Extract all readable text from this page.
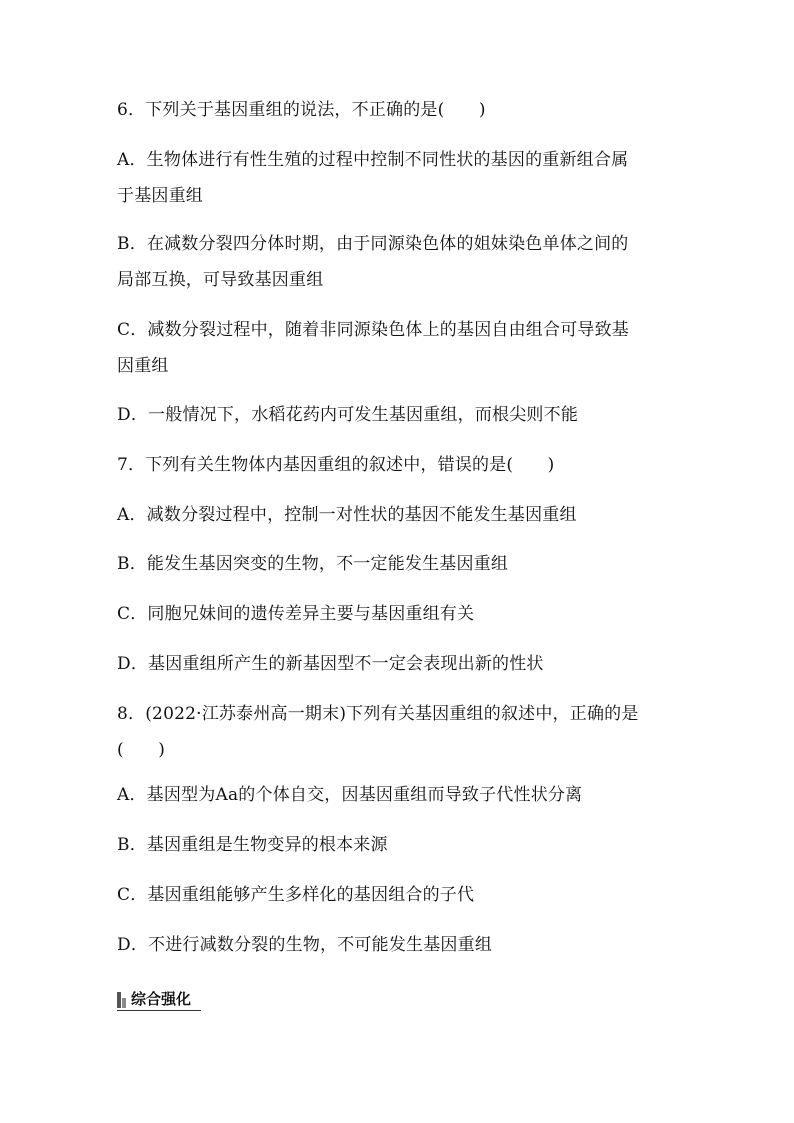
6．下列关于基因重组的说法，不正确的是(　　)
A．生物体进行有性生殖的过程中控制不同性状的基因的重新组合属
于基因重组
B．在减数分裂四分体时期，由于同源染色体的姐妹染色单体之间的
局部互换，可导致基因重组
C．减数分裂过程中，随着非同源染色体上的基因自由组合可导致基
因重组
D．一般情况下，水稻花药内可发生基因重组，而根尖则不能
7．下列有关生物体内基因重组的叙述中，错误的是(　　)
A．减数分裂过程中，控制一对性状的基因不能发生基因重组
B．能发生基因突变的生物，不一定能发生基因重组
C．同胞兄妹间的遗传差异主要与基因重组有关
D．基因重组所产生的新基因型不一定会表现出新的性状
8．(2022·江苏泰州高一期末)下列有关基因重组的叙述中，正确的是
(　　)
A．基因型为Aa的个体自交，因基因重组而导致子代性状分离
B．基因重组是生物变异的根本来源
C．基因重组能够产生多样化的基因组合的子代
D．不进行减数分裂的生物，不可能发生基因重组
综合强化
